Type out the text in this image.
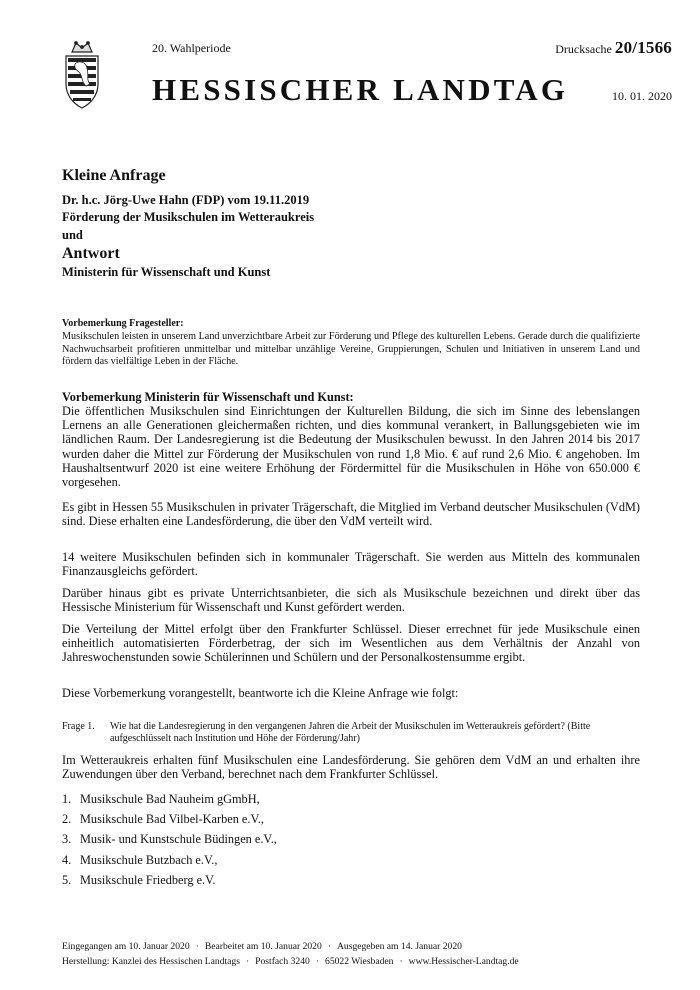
20. Wahlperiode	Drucksache 20/1566
HESSISCHER LANDTAG	10. 01. 2020
Kleine Anfrage
Dr. h.c. Jörg-Uwe Hahn (FDP) vom 19.11.2019
Förderung der Musikschulen im Wetteraukreis
und
Antwort
Ministerin für Wissenschaft und Kunst
Vorbemerkung Fragesteller:
Musikschulen leisten in unserem Land unverzichtbare Arbeit zur Förderung und Pflege des kulturellen Lebens. Gerade durch die qualifizierte Nachwuchsarbeit profitieren unmittelbar und mittelbar unzählige Vereine, Gruppierungen, Schulen und Initiativen in unserem Land und fördern das vielfältige Leben in der Fläche.
Vorbemerkung Ministerin für Wissenschaft und Kunst:
Die öffentlichen Musikschulen sind Einrichtungen der Kulturellen Bildung, die sich im Sinne des lebenslangen Lernens an alle Generationen gleichermaßen richten, und dies kommunal verankert, in Ballungsgebieten wie im ländlichen Raum. Der Landesregierung ist die Bedeutung der Musikschulen bewusst. In den Jahren 2014 bis 2017 wurden daher die Mittel zur Förderung der Musikschulen von rund 1,8 Mio. € auf rund 2,6 Mio. € angehoben. Im Haushaltsentwurf 2020 ist eine weitere Erhöhung der Fördermittel für die Musikschulen in Höhe von 650.000 € vorgesehen.
Es gibt in Hessen 55 Musikschulen in privater Trägerschaft, die Mitglied im Verband deutscher Musikschulen (VdM) sind. Diese erhalten eine Landesförderung, die über den VdM verteilt wird.
14 weitere Musikschulen befinden sich in kommunaler Trägerschaft. Sie werden aus Mitteln des kommunalen Finanzausgleichs gefördert.
Darüber hinaus gibt es private Unterrichtsanbieter, die sich als Musikschule bezeichnen und direkt über das Hessische Ministerium für Wissenschaft und Kunst gefördert werden.
Die Verteilung der Mittel erfolgt über den Frankfurter Schlüssel. Dieser errechnet für jede Musikschule einen einheitlich automatisierten Förderbetrag, der sich im Wesentlichen aus dem Verhältnis der Anzahl von Jahreswochenstunden sowie Schülerinnen und Schülern und der Personalkostensumme ergibt.
Diese Vorbemerkung vorangestellt, beantworte ich die Kleine Anfrage wie folgt:
Frage 1. Wie hat die Landesregierung in den vergangenen Jahren die Arbeit der Musikschulen im Wetteraukreis gefördert? (Bitte aufgeschlüsselt nach Institution und Höhe der Förderung/Jahr)
Im Wetteraukreis erhalten fünf Musikschulen eine Landesförderung. Sie gehören dem VdM an und erhalten ihre Zuwendungen über den Verband, berechnet nach dem Frankfurter Schlüssel.
1. Musikschule Bad Nauheim gGmbH,
2. Musikschule Bad Vilbel-Karben e.V.,
3. Musik- und Kunstschule Büdingen e.V.,
4. Musikschule Butzbach e.V.,
5. Musikschule Friedberg e.V.
Eingegangen am 10. Januar 2020 · Bearbeitet am 10. Januar 2020 · Ausgegeben am 14. Januar 2020
Herstellung: Kanzlei des Hessischen Landtags · Postfach 3240 · 65022 Wiesbaden · www.Hessischer-Landtag.de
